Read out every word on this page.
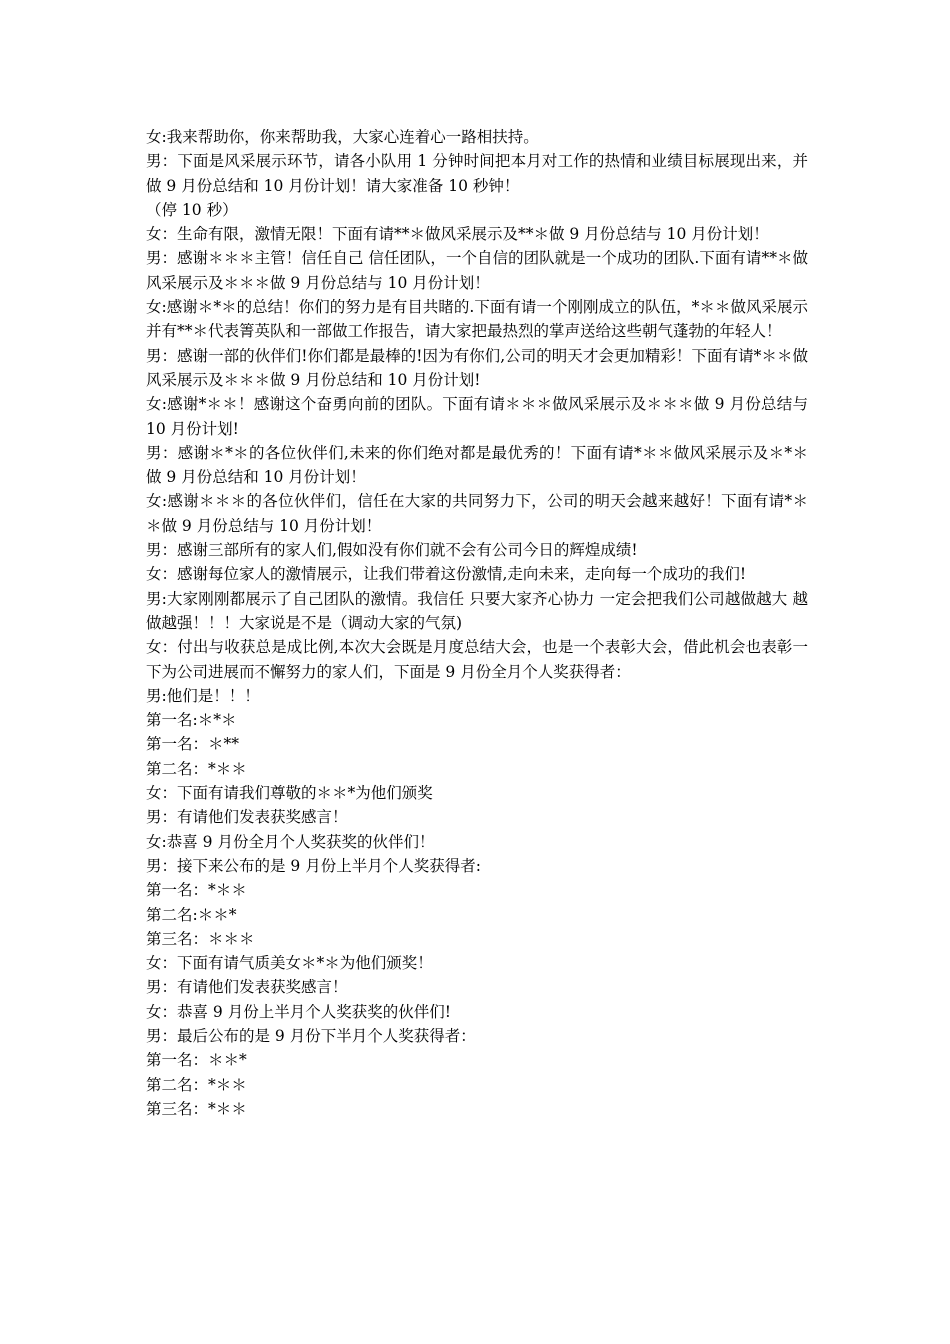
女:我来帮助你，你来帮助我，大家心连着心一路相扶持。

男：下面是风采展示环节，请各小队用 1 分钟时间把本月对工作的热情和业绩目标展现出来，并做 9 月份总结和 10 月份计划！请大家准备 10 秒钟！

（停 10 秒）

女：生命有限，激情无限！下面有请**＊做风采展示及**＊做 9 月份总结与 10 月份计划！

男：感谢＊＊＊主管！信任自己 信任团队，一个自信的团队就是一个成功的团队.下面有请**＊做风采展示及＊＊＊做 9 月份总结与 10 月份计划！

女:感谢＊*＊的总结！你们的努力是有目共睹的.下面有请一个刚刚成立的队伍，*＊＊做风采展示并有**＊代表箐英队和一部做工作报告，请大家把最热烈的掌声送给这些朝气蓬勃的年轻人！

男：感谢一部的伙伴们!你们都是最棒的!因为有你们,公司的明天才会更加精彩！下面有请*＊＊做风采展示及＊＊＊做 9 月份总结和 10 月份计划!

女:感谢*＊＊！感谢这个奋勇向前的团队。下面有请＊＊＊做风采展示及＊＊＊做 9 月份总结与 10 月份计划!

男：感谢＊*＊的各位伙伴们,未来的你们绝对都是最优秀的！下面有请*＊＊做风采展示及＊*＊做 9 月份总结和 10 月份计划！

女:感谢＊＊＊的各位伙伴们，信任在大家的共同努力下，公司的明天会越来越好！下面有请*＊＊做 9 月份总结与 10 月份计划！

男：感谢三部所有的家人们,假如没有你们就不会有公司今日的辉煌成绩!

女：感谢每位家人的激情展示，让我们带着这份激情,走向未来，走向每一个成功的我们!

男:大家刚刚都展示了自己团队的激情。我信任 只要大家齐心协力 一定会把我们公司越做越大 越做越强！！！大家说是不是（调动大家的气氛)

女：付出与收获总是成比例,本次大会既是月度总结大会，也是一个表彰大会，借此机会也表彰一下为公司进展而不懈努力的家人们，下面是 9 月份全月个人奖获得者：

男:他们是！！！

第一名:＊*＊

第一名：＊**

第二名：*＊＊

女：下面有请我们尊敬的＊＊*为他们颁奖

男：有请他们发表获奖感言！

女:恭喜 9 月份全月个人奖获奖的伙伴们！

男：接下来公布的是 9 月份上半月个人奖获得者:

第一名：*＊＊

第二名:＊＊*

第三名：＊＊＊

女：下面有请气质美女＊*＊为他们颁奖！

男：有请他们发表获奖感言！

女：恭喜 9 月份上半月个人奖获奖的伙伴们!

男：最后公布的是 9 月份下半月个人奖获得者：

第一名：＊＊*

第二名：*＊＊

第三名：*＊＊
